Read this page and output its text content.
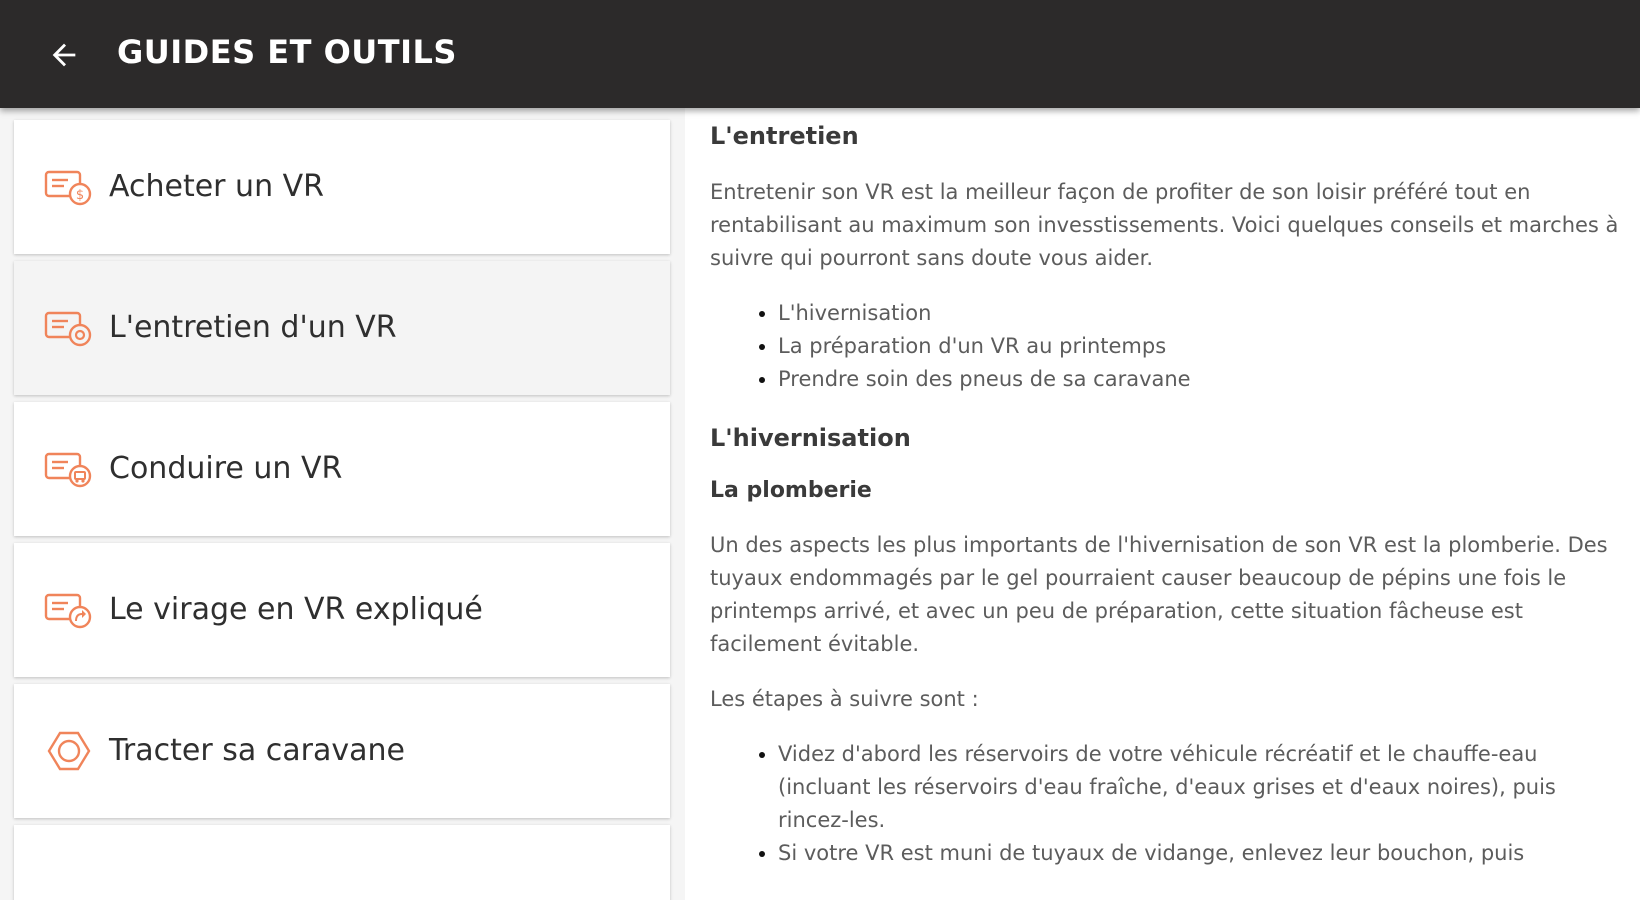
GUIDES ET OUTILS
$ Acheter un VR
L'entretien d'un VR
Conduire un VR
Le virage en VR expliqué
Tracter sa caravane
L'entretien

Entretenir son VR est la meilleur façon de profiter de son loisir préféré tout en rentabilisant au maximum son invesstissements. Voici quelques conseils et marches à suivre qui pourront sans doute vous aider.

• L'hivernisation
• La préparation d'un VR au printemps
• Prendre soin des pneus de sa caravane
L'hivernisation
La plomberie

Un des aspects les plus importants de l'hivernisation de son VR est la plomberie. Des tuyaux endommagés par le gel pourraient causer beaucoup de pépins une fois le printemps arrivé, et avec un peu de préparation, cette situation fâcheuse est facilement évitable.

Les étapes à suivre sont :

• Videz d'abord les réservoirs de votre véhicule récréatif et le chauffe-eau (incluant les réservoirs d'eau fraîche, d'eaux grises et d'eaux noires), puis rincez-les.
• Si votre VR est muni de tuyaux de vidange, enlevez leur bouchon, puis
